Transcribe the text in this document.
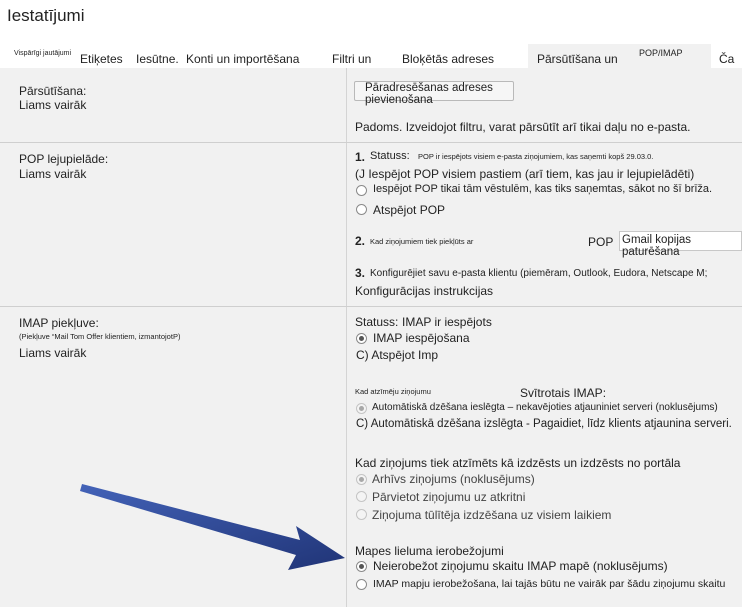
Iestatījumi
Vispārīgi jautājumi Etiķetes Iesūtne. Konti un importēšana	Filtri un	Bloķētās adreses	Pārsūtīšana un POP/IMAP	Ča
Pārsūtīšana:
Liams vairāk
Pāradresēšanas adreses pievienošana
Padoms. Izveidojot filtru, varat pārsūtīt arī tikai daļu no e-pasta.
POP lejupielāde:
Liams vairāk
1. Statuss: POP ir iespējots visiem e-pasta ziņojumiem, kas saņemti kopš 29.03.0.
(J Iespējot POP visiem pastiem (arī tiem, kas jau ir lejupielādēti)
Iespējot POP tikai tām vēstulēm, kas tiks saņemtas, sākot no šī brīža.
Atspējot POP
2. Kad ziņojumiem tiek piekļūts ar	POP Gmail kopijas paturēšana
3. Konfigurējiet savu e-pasta klientu (piemēram, Outlook, Eudora, Netscape M;
Konfigurācijas instrukcijas
IMAP piekļuve:
(Piekļuve “Mail Tom Offer klientiem, izmantojotP)
Liams vairāk
Statuss: IMAP ir iespējots
IMAP iespējošana
C) Atspējot Imp
Kad atzīmēju ziņojumu	Svītrotais IMAP:
Automātiskā dzēšana ieslēgta – nekavējoties atjauniniet serveri (noklusējums)
C) Automātiskā dzēšana izslēgta - Pagaidiet, līdz klients atjaunina serveri.
Kad ziņojums tiek atzīmēts kā izdzēsts un izdzēsts no portāla
Arhīvs ziņojums (noklusējums)
Pārvietot ziņojumu uz atkritni
Ziņojuma tūlītēja izdzēšana uz visiem laikiem
Mapes lieluma ierobežojumi
Neierobežot ziņojumu skaitu IMAP mapē (noklusējums)
IMAP mapju ierobežošana, lai tajās būtu ne vairāk par šādu ziņojumu skaitu
